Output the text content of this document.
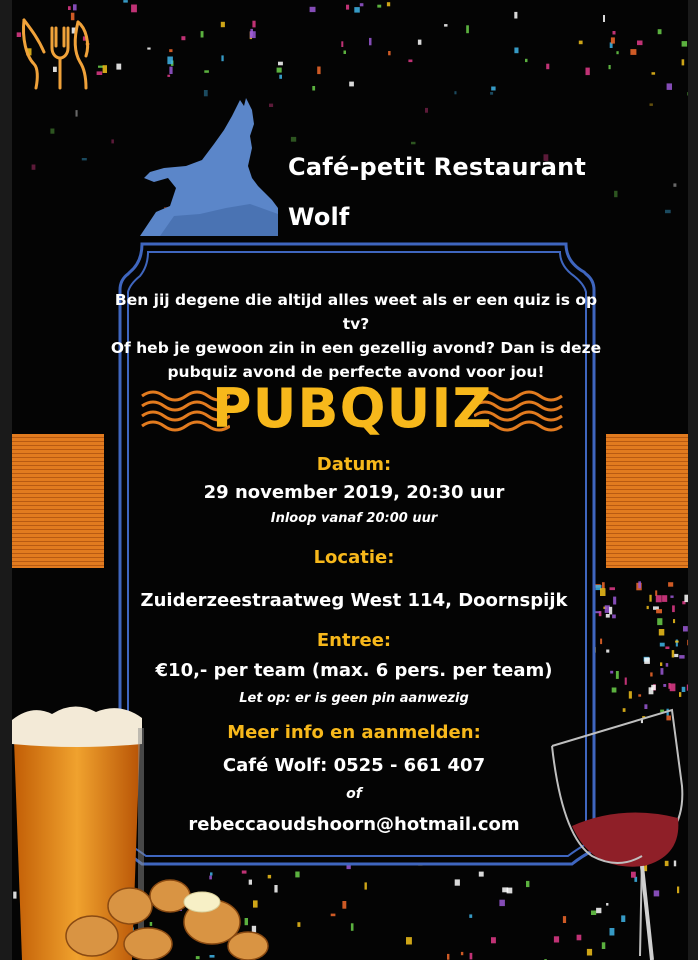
Café-petit Restaurant
Wolf
Ben jij degene die altijd alles weet als er een quiz is op tv?
Of heb je gewoon zin in een gezellig avond? Dan is deze
pubquiz avond de perfecte avond voor jou!
PUBQUIZ
Datum:
29 november 2019, 20:30 uur
Inloop vanaf 20:00 uur
Locatie:
Zuiderzeestraatweg West 114, Doornspijk
Entree:
€10,- per team (max. 6 pers. per team)
Let op: er is geen pin aanwezig
Meer info en aanmelden:
Café Wolf: 0525 - 661 407
of
rebeccaoudshoorn@hotmail.com
